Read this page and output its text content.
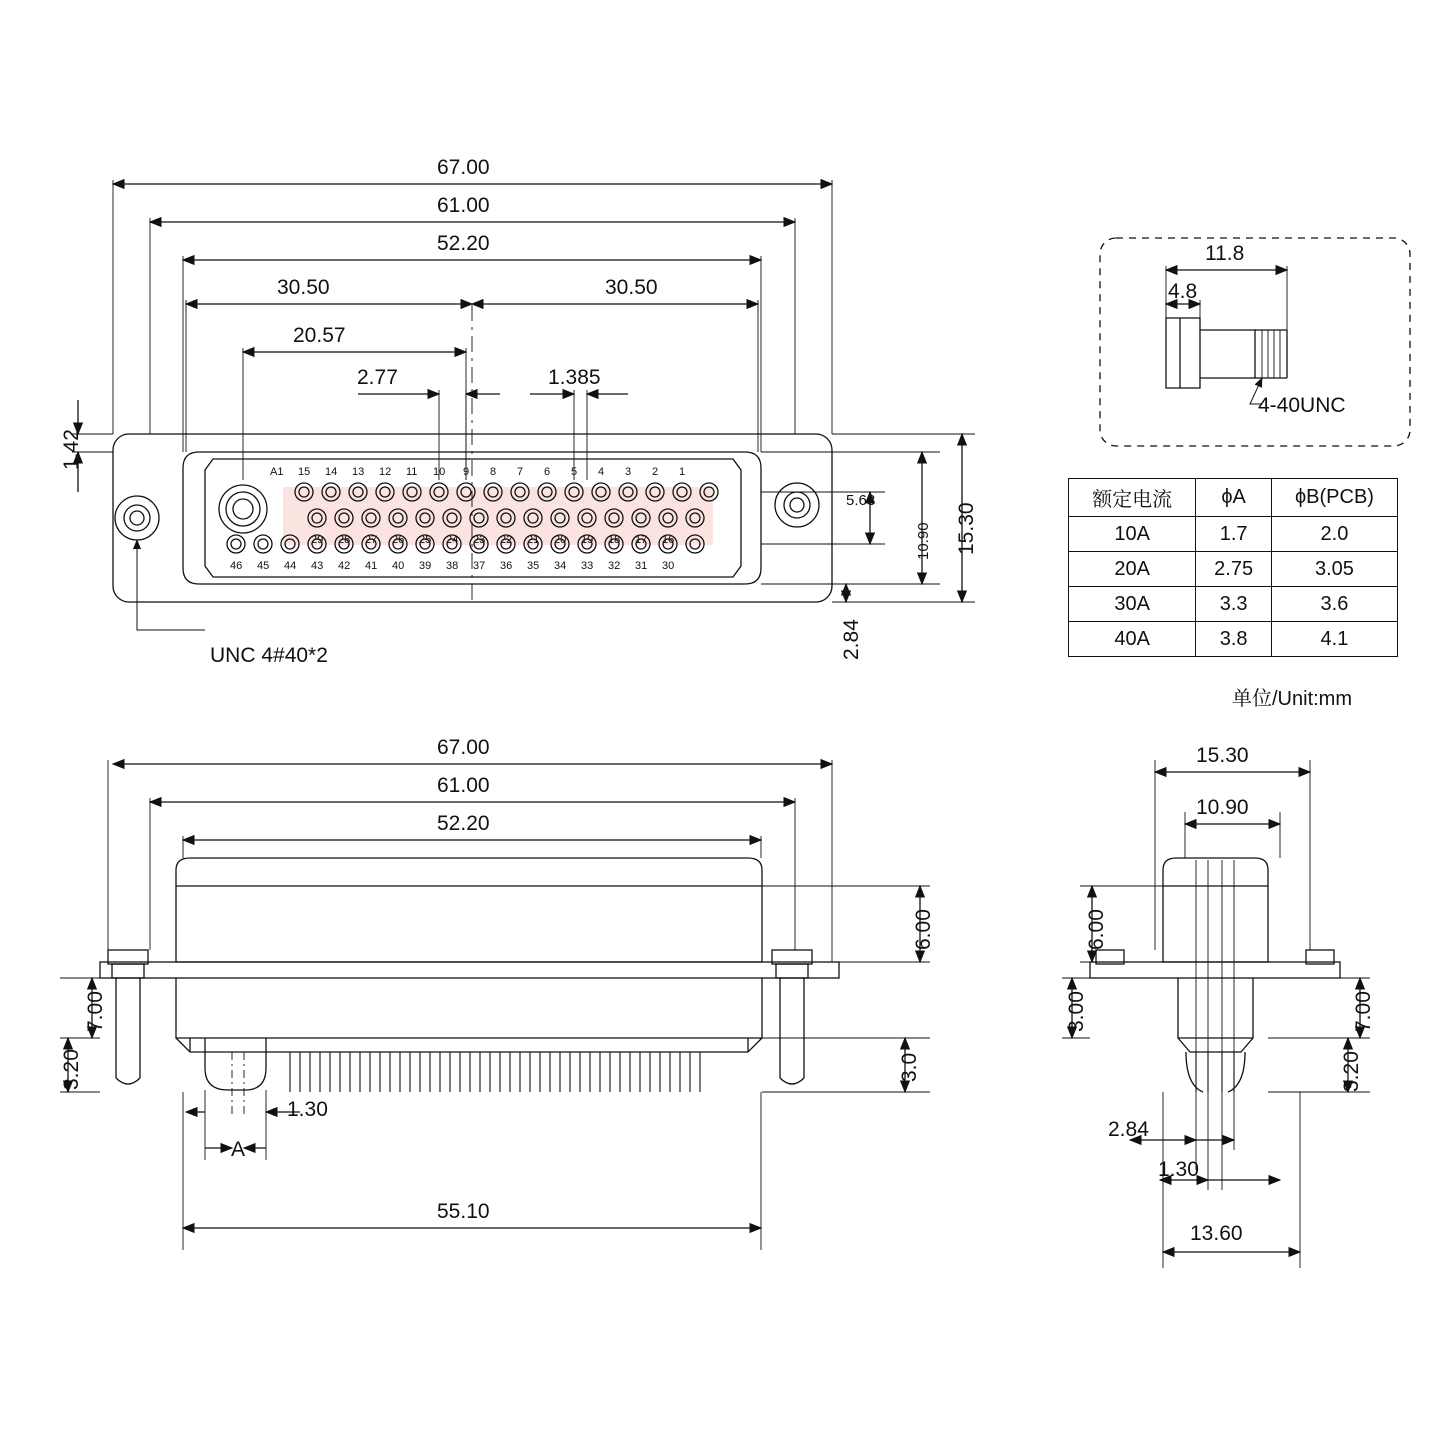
67.00
61.00
52.20
30.50	30.50
20.57
2.77	1.385
1.42
5.68
10.90 15.30
2.84
UNC 4#40*2
A1 15 14 13 12 11 10 9 8 7 6 5 4 3 2 1
29 28 27 26 25 24 23 22 21 20 19 18 17 16
46 45 44 43 42 41 40 39 38 37 36 35 34 33 32 31 30
11.8
4.8
4-40UNC
额定电流	ϕA	ϕB(PCB)
10A	1.7	2.0
20A	2.75	3.05
30A	3.3	3.6
40A	3.8	4.1
单位/Unit:mm
67.00
61.00
52.20
6.00
7.00
3.20	3.0
1.30
A
55.10
15.30
10.90
6.00
7.00
3.00
3.20
2.84
1.30
13.60
